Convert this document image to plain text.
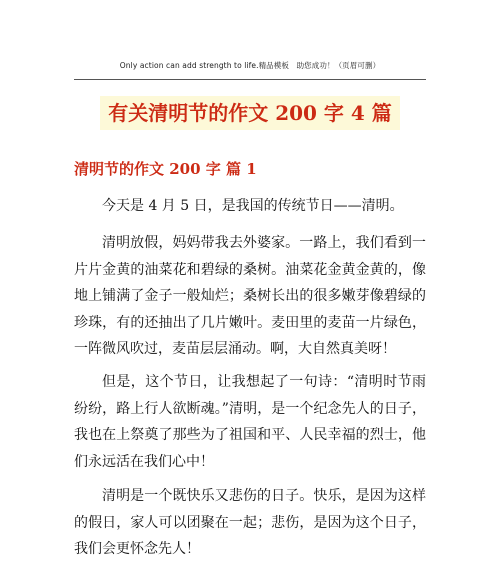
Only action can add strength to life.精品模板　助您成功！（页眉可删）
有关清明节的作文 200 字 4 篇
清明节的作文 200 字 篇 1

今天是 4 月 5 日，是我国的传统节日——清明。

清明放假，妈妈带我去外婆家。一路上，我们看到一片片金黄的油菜花和碧绿的桑树。油菜花金黄金黄的，像地上铺满了金子一般灿烂；桑树长出的很多嫩芽像碧绿的珍珠，有的还抽出了几片嫩叶。麦田里的麦苗一片绿色，一阵微风吹过，麦苗层层涌动。啊，大自然真美呀！

但是，这个节日，让我想起了一句诗：“清明时节雨纷纷，路上行人欲断魂。”清明，是一个纪念先人的日子，我也在上祭奠了那些为了祖国和平、人民幸福的烈士，他们永远活在我们心中！

清明是一个既快乐又悲伤的日子。快乐，是因为这样的假日，家人可以团聚在一起；悲伤，是因为这个日子，我们会更怀念先人！
